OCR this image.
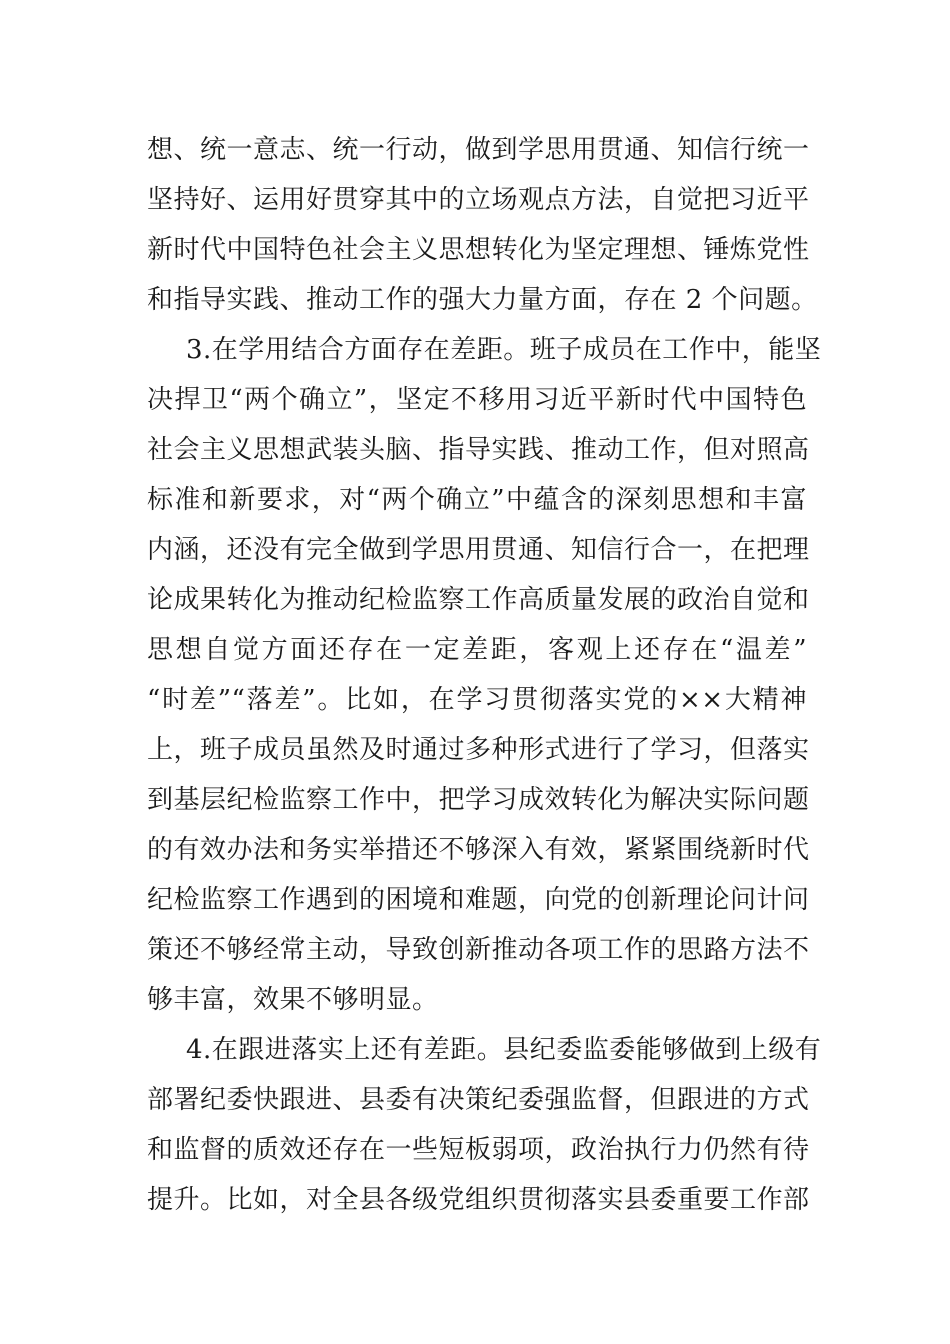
想、统一意志、统一行动，做到学思用贯通、知信行统一
坚持好、运用好贯穿其中的立场观点方法，自觉把习近平
新时代中国特色社会主义思想转化为坚定理想、锤炼党性
和指导实践、推动工作的强大力量方面，存在 2 个问题。
3.在学用结合方面存在差距。班子成员在工作中，能坚
决捍卫“两个确立”，坚定不移用习近平新时代中国特色
社会主义思想武装头脑、指导实践、推动工作，但对照高
标准和新要求，对“两个确立”中蕴含的深刻思想和丰富
内涵，还没有完全做到学思用贯通、知信行合一，在把理
论成果转化为推动纪检监察工作高质量发展的政治自觉和
思想自觉方面还存在一定差距，客观上还存在“温差”
“时差”“落差”。比如，在学习贯彻落实党的××大精神
上，班子成员虽然及时通过多种形式进行了学习，但落实
到基层纪检监察工作中，把学习成效转化为解决实际问题
的有效办法和务实举措还不够深入有效，紧紧围绕新时代
纪检监察工作遇到的困境和难题，向党的创新理论问计问
策还不够经常主动，导致创新推动各项工作的思路方法不
够丰富，效果不够明显。
4.在跟进落实上还有差距。县纪委监委能够做到上级有
部署纪委快跟进、县委有决策纪委强监督，但跟进的方式
和监督的质效还存在一些短板弱项，政治执行力仍然有待
提升。比如，对全县各级党组织贯彻落实县委重要工作部
